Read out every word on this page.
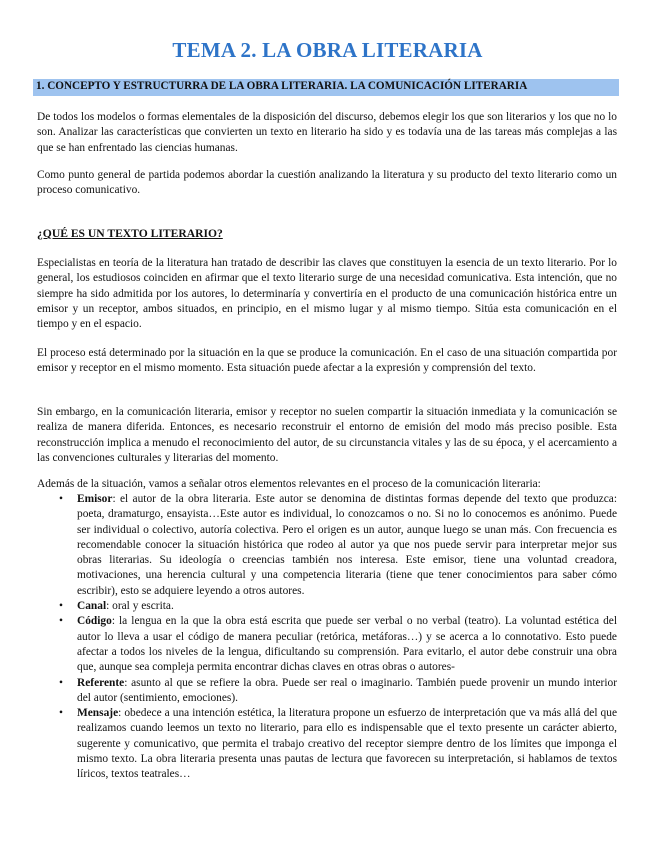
TEMA 2. LA OBRA LITERARIA
1. CONCEPTO Y ESTRUCTURRA DE LA OBRA LITERARIA. LA COMUNICACIÓN LITERARIA

De todos los modelos o formas elementales de la disposición del discurso, debemos elegir los que son literarios y los que no lo son. Analizar las características que convierten un texto en literario ha sido y es todavía una de las tareas más complejas a las que se han enfrentado las ciencias humanas.

Como punto general de partida podemos abordar la cuestión analizando la literatura y su producto del texto literario como un proceso comunicativo.

¿QUÉ ES UN TEXTO LITERARIO?

Especialistas en teoría de la literatura han tratado de describir las claves que constituyen la esencia de un texto literario. Por lo general, los estudiosos coinciden en afirmar que el texto literario surge de una necesidad comunicativa. Esta intención, que no siempre ha sido admitida por los autores, lo determinaría y convertiría en el producto de una comunicación histórica entre un emisor y un receptor, ambos situados, en principio, en el mismo lugar y al mismo tiempo. Sitúa esta comunicación en el tiempo y en el espacio.

El proceso está determinado por la situación en la que se produce la comunicación. En el caso de una situación compartida por emisor y receptor en el mismo momento. Esta situación puede afectar a la expresión y comprensión del texto.

Sin embargo, en la comunicación literaria, emisor y receptor no suelen compartir la situación inmediata y la comunicación se realiza de manera diferida. Entonces, es necesario reconstruir el entorno de emisión del modo más preciso posible. Esta reconstrucción implica a menudo el reconocimiento del autor, de su circunstancia vitales y las de su época, y el acercamiento a las convenciones culturales y literarias del momento.

Además de la situación, vamos a señalar otros elementos relevantes en el proceso de la comunicación literaria:

• Emisor: el autor de la obra literaria. Este autor se denomina de distintas formas depende del texto que produzca: poeta, dramaturgo, ensayista…Este autor es individual, lo conozcamos o no. Si no lo conocemos es anónimo. Puede ser individual o colectivo, autoría colectiva. Pero el origen es un autor, aunque luego se unan más. Con frecuencia es recomendable conocer la situación histórica que rodeo al autor ya que nos puede servir para interpretar mejor sus obras literarias. Su ideología o creencias también nos interesa. Este emisor, tiene una voluntad creadora, motivaciones, una herencia cultural y una competencia literaria (tiene que tener conocimientos para saber cómo escribir), esto se adquiere leyendo a otros autores.
• Canal: oral y escrita.
• Código: la lengua en la que la obra está escrita que puede ser verbal o no verbal (teatro). La voluntad estética del autor lo lleva a usar el código de manera peculiar (retórica, metáforas…) y se acerca a lo connotativo. Esto puede afectar a todos los niveles de la lengua, dificultando su comprensión. Para evitarlo, el autor debe construir una obra que, aunque sea compleja permita encontrar dichas claves en otras obras o autores-
• Referente: asunto al que se refiere la obra. Puede ser real o imaginario. También puede provenir un mundo interior del autor (sentimiento, emociones).
• Mensaje: obedece a una intención estética, la literatura propone un esfuerzo de interpretación que va más allá del que realizamos cuando leemos un texto no literario, para ello es indispensable que el texto presente un carácter abierto, sugerente y comunicativo, que permita el trabajo creativo del receptor siempre dentro de los límites que imponga el mismo texto. La obra literaria presenta unas pautas de lectura que favorecen su interpretación, si hablamos de textos líricos, textos teatrales…
